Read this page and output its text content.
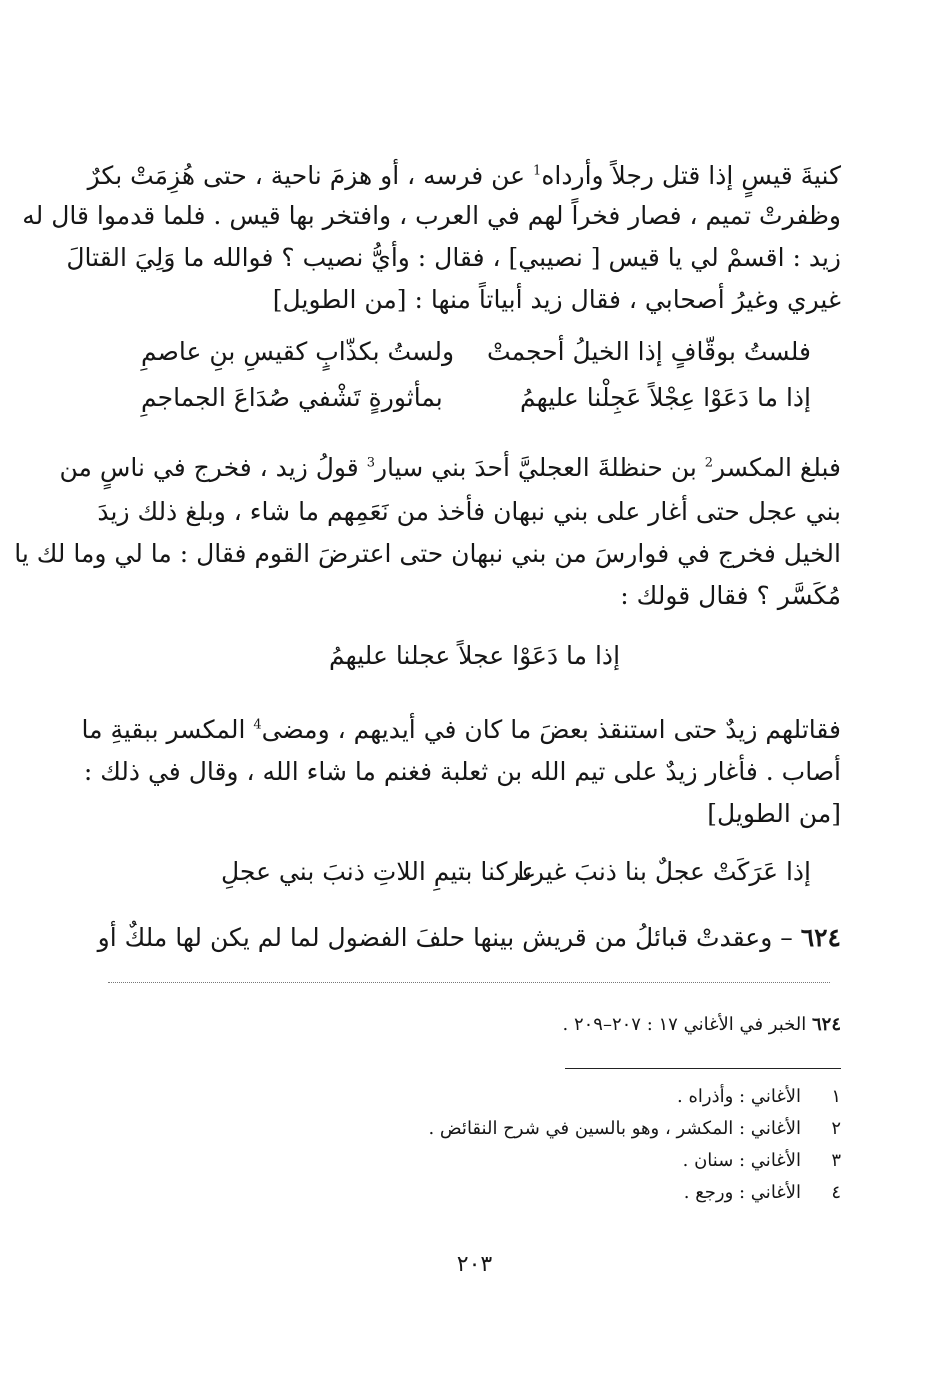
كنيةَ قيسٍ إذا قتل رجلاً وأرداه$^1$ عن فرسه ، أو هزمَ ناحية ، حتى هُزِمَتْ بكرٌ
وظفرتْ تميم ، فصار فخراً لهم في العرب ، وافتخر بها قيس . فلما قدموا قال له
زيد : اقسمْ لي يا قيس [ نصيبي] ، فقال : وأيُّ نصيب ؟ فوالله ما وَلِيَ القتالَ
غيري وغيرُ أصحابي ، فقال زيد أبياتاً منها : [من الطويل]
فلستُ بوقّافٍ إذا الخيلُ أحجمتْ
ولستُ بكذّابٍ كقيسِ بنِ عاصمِ
إذا ما دَعَوْا عِجْلاً عَجِلْنا عليهمُ
بمأثورةٍ تَشْفي صُدَاعَ الجماجمِ
فبلغ المكسر$^2$ بن حنظلةَ العجليَّ أحدَ بني سيار$^3$ قولُ زيد ، فخرج في ناسٍ من
بني عجل حتى أغار على بني نبهان فأخذ من نَعَمِهم ما شاء ، وبلغ ذلك زيدَ
الخيل فخرج في فوارسَ من بني نبهان حتى اعترضَ القوم فقال : ما لي وما لك يا
مُكَسَّر ؟ فقال قولك :
إذا ما دَعَوْا عجلاً عجلنا عليهمُ
فقاتلهم زيدٌ حتى استنقذ بعضَ ما كان في أيديهم ، ومضى$^4$ المكسر ببقيةِ ما
أصاب . فأغار زيدٌ على تيم الله بن ثعلبة فغنم ما شاء الله ، وقال في ذلك :
[من الطويل]
إذا عَرَكَتْ عجلٌ بنا ذنبَ غيرنا
عركنا بتيمِ اللاتِ ذنبَ بني عجلِ
٦٢٤ – وعقدتْ قبائلُ من قريش بينها حلفَ الفضول لما لم يكن لها ملكٌ أو
٦٢٤ الخبر في الأغاني ١٧ : ٢٠٧–٢٠٩ .
١
الأغاني : وأذراه .
٢
الأغاني : المكشر ، وهو بالسين في شرح النقائض .
٣
الأغاني : سنان .
٤
الأغاني : ورجع .
٢٠٣
